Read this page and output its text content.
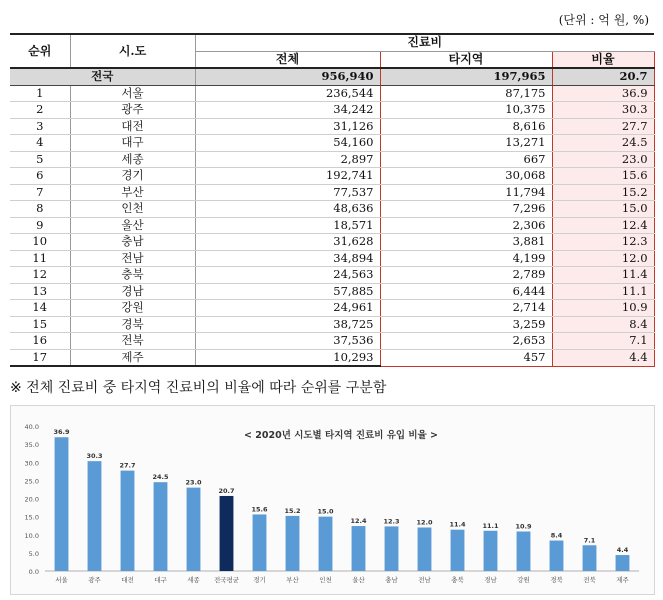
(단위 : 억 원, %)
순위	시.도	진료비		
		전체	타지역	비율
전국		956,940	197,965	20.7
1	서울	236,544	87,175	36.9
2	광주	34,242	10,375	30.3
3	대전	31,126	8,616	27.7
4	대구	54,160	13,271	24.5
5	세종	2,897	667	23.0
6	경기	192,741	30,068	15.6
7	부산	77,537	11,794	15.2
8	인천	48,636	7,296	15.0
9	울산	18,571	2,306	12.4
10	충남	31,628	3,881	12.3
11	전남	34,894	4,199	12.0
12	충북	24,563	2,789	11.4
13	경남	57,885	6,444	11.1
14	강원	24,961	2,714	10.9
15	경북	38,725	3,259	8.4
16	전북	37,536	2,653	7.1
17	제주	10,293	457	4.4
※ 전체 진료비 중 타지역 진료비의 비율에 따라 순위를 구분함
< 2020년 시도별 타지역 진료비 유입 비율 >
0.0
5.0
10.0
15.0
20.0
25.0
30.0
35.0
40.0
36.9
서울
30.3
광주
27.7
대전
24.5
대구
23.0
세종
20.7
전국평균
15.6
경기
15.2
부산
15.0
인천
12.4
울산
12.3
충남
12.0
전남
11.4
충북
11.1
경남
10.9
강원
8.4
경북
7.1
전북
4.4
제주
